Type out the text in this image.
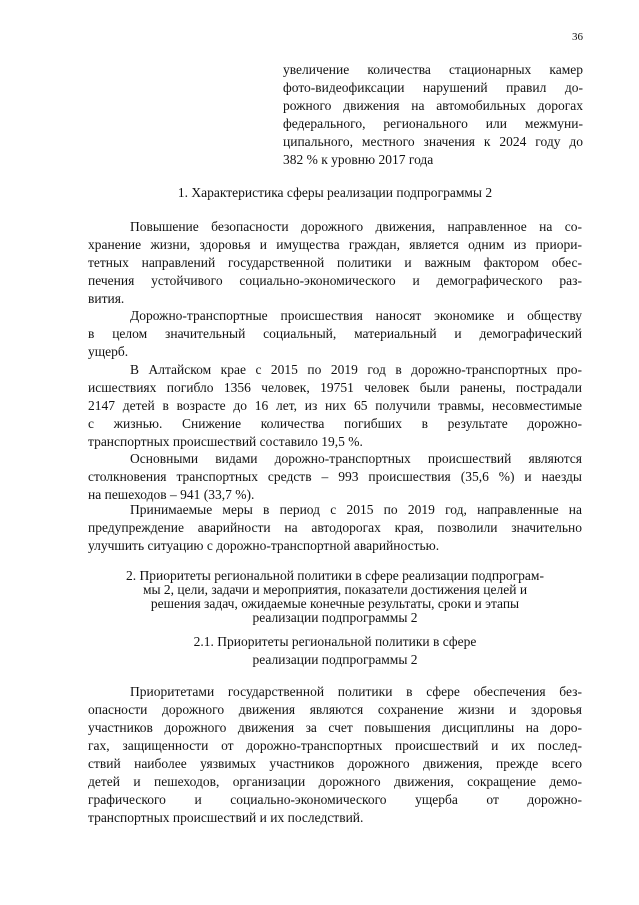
36

увеличение количества стационарных камер

фото-видеофиксации нарушений правил до-

рожного движения на автомобильных дорогах

федерального, регионального или межмуни-

ципального, местного значения к 2024 году до

382 % к уровню 2017 года

1. Характеристика сферы реализации подпрограммы 2

Повышение безопасности дорожного движения, направленное на со-

хранение жизни, здоровья и имущества граждан, является одним из приори-

тетных направлений государственной политики и важным фактором обес-

печения устойчивого социально-экономического и демографического раз-

вития.

Дорожно-транспортные происшествия наносят экономике и обществу

в целом значительный социальный, материальный и демографический

ущерб.

В Алтайском крае с 2015 по 2019 год в дорожно-транспортных про-

исшествиях погибло 1356 человек, 19751 человек были ранены, пострадали

2147 детей в возрасте до 16 лет, из них 65 получили травмы, несовместимые

с жизнью. Снижение количества погибших в результате дорожно-

транспортных происшествий составило 19,5 %.

Основными видами дорожно-транспортных происшествий являются

столкновения транспортных средств – 993 происшествия (35,6 %) и наезды

на пешеходов – 941 (33,7 %).

Принимаемые меры в период с 2015 по 2019 год, направленные на

предупреждение аварийности на автодорогах края, позволили значительно

улучшить ситуацию с дорожно-транспортной аварийностью.

2. Приоритеты региональной политики в сфере реализации подпрограм-

мы 2, цели, задачи и мероприятия, показатели достижения целей и

решения задач, ожидаемые конечные результаты, сроки и этапы

реализации подпрограммы 2

2.1. Приоритеты региональной политики в сфере

реализации подпрограммы 2

Приоритетами государственной политики в сфере обеспечения без-

опасности дорожного движения являются сохранение жизни и здоровья

участников дорожного движения за счет повышения дисциплины на доро-

гах, защищенности от дорожно-транспортных происшествий и их послед-

ствий наиболее уязвимых участников дорожного движения, прежде всего

детей и пешеходов, организации дорожного движения, сокращение демо-

графического и социально-экономического ущерба от дорожно-

транспортных происшествий и их последствий.
